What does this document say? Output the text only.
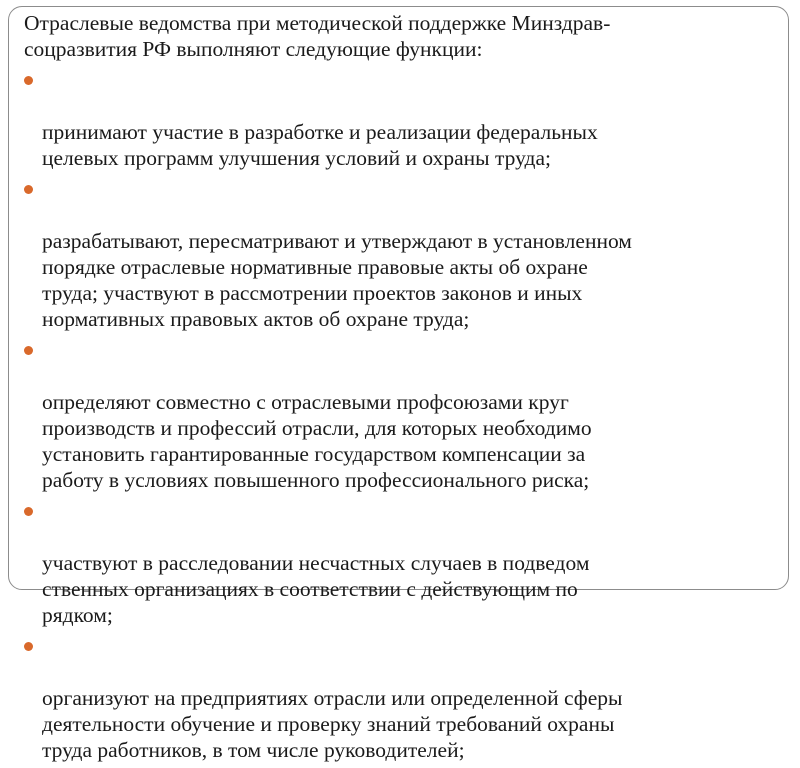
Отраслевые ведомства при методической поддержке Минздрав-
соцразвития РФ выполняют следующие функции:

принимают участие в разработке и реализации федеральных
целевых программ улучшения условий и охраны труда;

разрабатывают, пересматривают и утверждают в установленном
порядке отраслевые нормативные правовые акты об охране
труда; участвуют в рассмотрении проектов законов и иных
нормативных правовых актов об охране труда;

определяют совместно с отраслевыми профсоюзами круг
производств и профессий отрасли, для которых необходимо
установить гарантированные государством компенсации за
работу в условиях повышенного профессионального риска;

участвуют в расследовании несчастных случаев в подведом
ственных организациях в соответствии с действующим по
рядком;

организуют на предприятиях отрасли или определенной сферы
деятельности обучение и проверку знаний требований охраны
труда работников, в том числе руководителей;
